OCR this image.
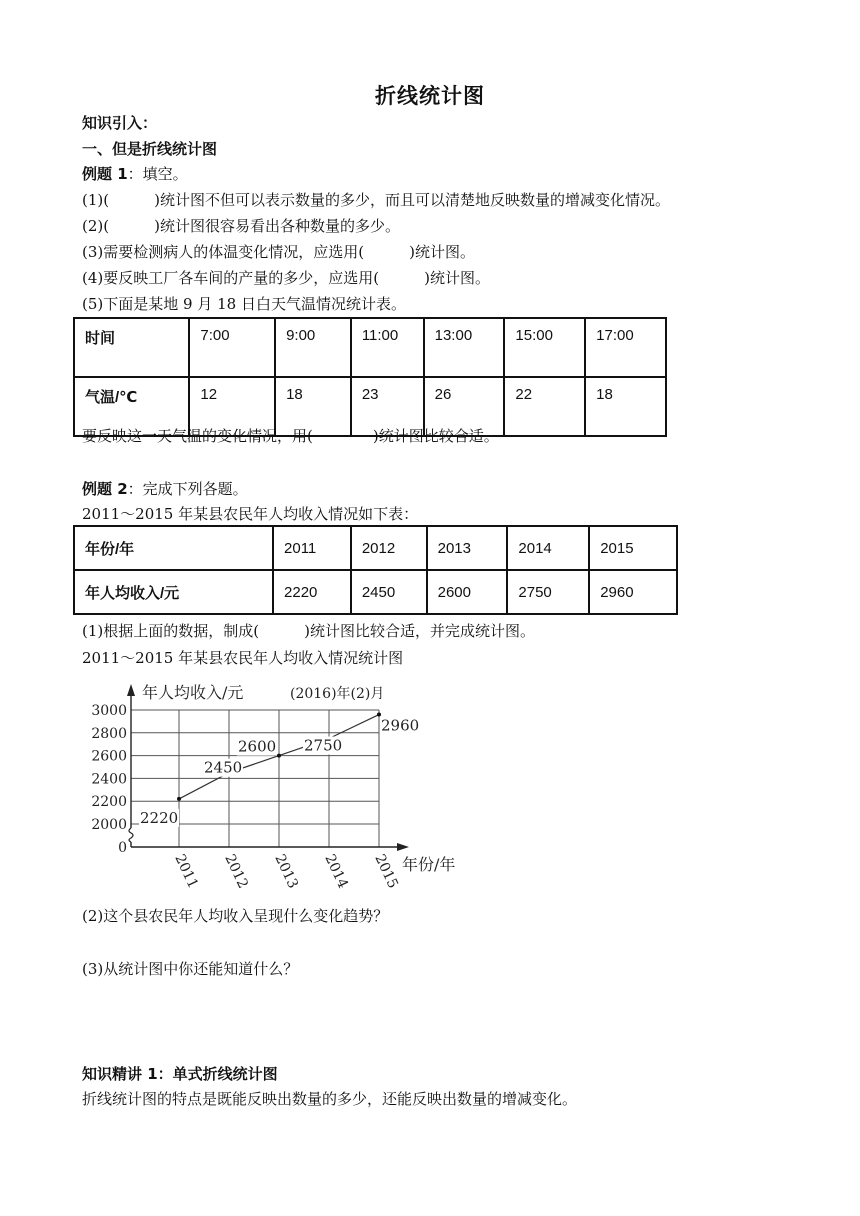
折线统计图
知识引入：
一、但是折线统计图
例题 1：填空。
(1)(　　　)统计图不但可以表示数量的多少，而且可以清楚地反映数量的增减变化情况。
(2)(　　　)统计图很容易看出各种数量的多少。
(3)需要检测病人的体温变化情况，应选用(　　　)统计图。
(4)要反映工厂各车间的产量的多少，应选用(　　　)统计图。
(5)下面是某地 9 月 18 日白天气温情况统计表。
时间	7:00	9:00	11:00	13:00	15:00	17:00
气温/℃	12	18	23	26	22	18
要反映这一天气温的变化情况，用(　　　　)统计图比较合适。
例题 2：完成下列各题。
2011～2015 年某县农民年人均收入情况如下表：
年份/年	2011	2012	2013	2014	2015
年人均收入/元	2220	2450	2600	2750	2960
(1)根据上面的数据，制成(　　　)统计图比较合适，并完成统计图。
2011～2015 年某县农民年人均收入情况统计图
0
2000
2200
2400
2600
2800
3000
年人均收入/元	(2016)年(2)月
年份/年
2011 2012 2013 2014 2015
2220
2450
2600 2750
2960
(2)这个县农民年人均收入呈现什么变化趋势？
(3)从统计图中你还能知道什么？
知识精讲 1：单式折线统计图
折线统计图的特点是既能反映出数量的多少，还能反映出数量的增减变化。
